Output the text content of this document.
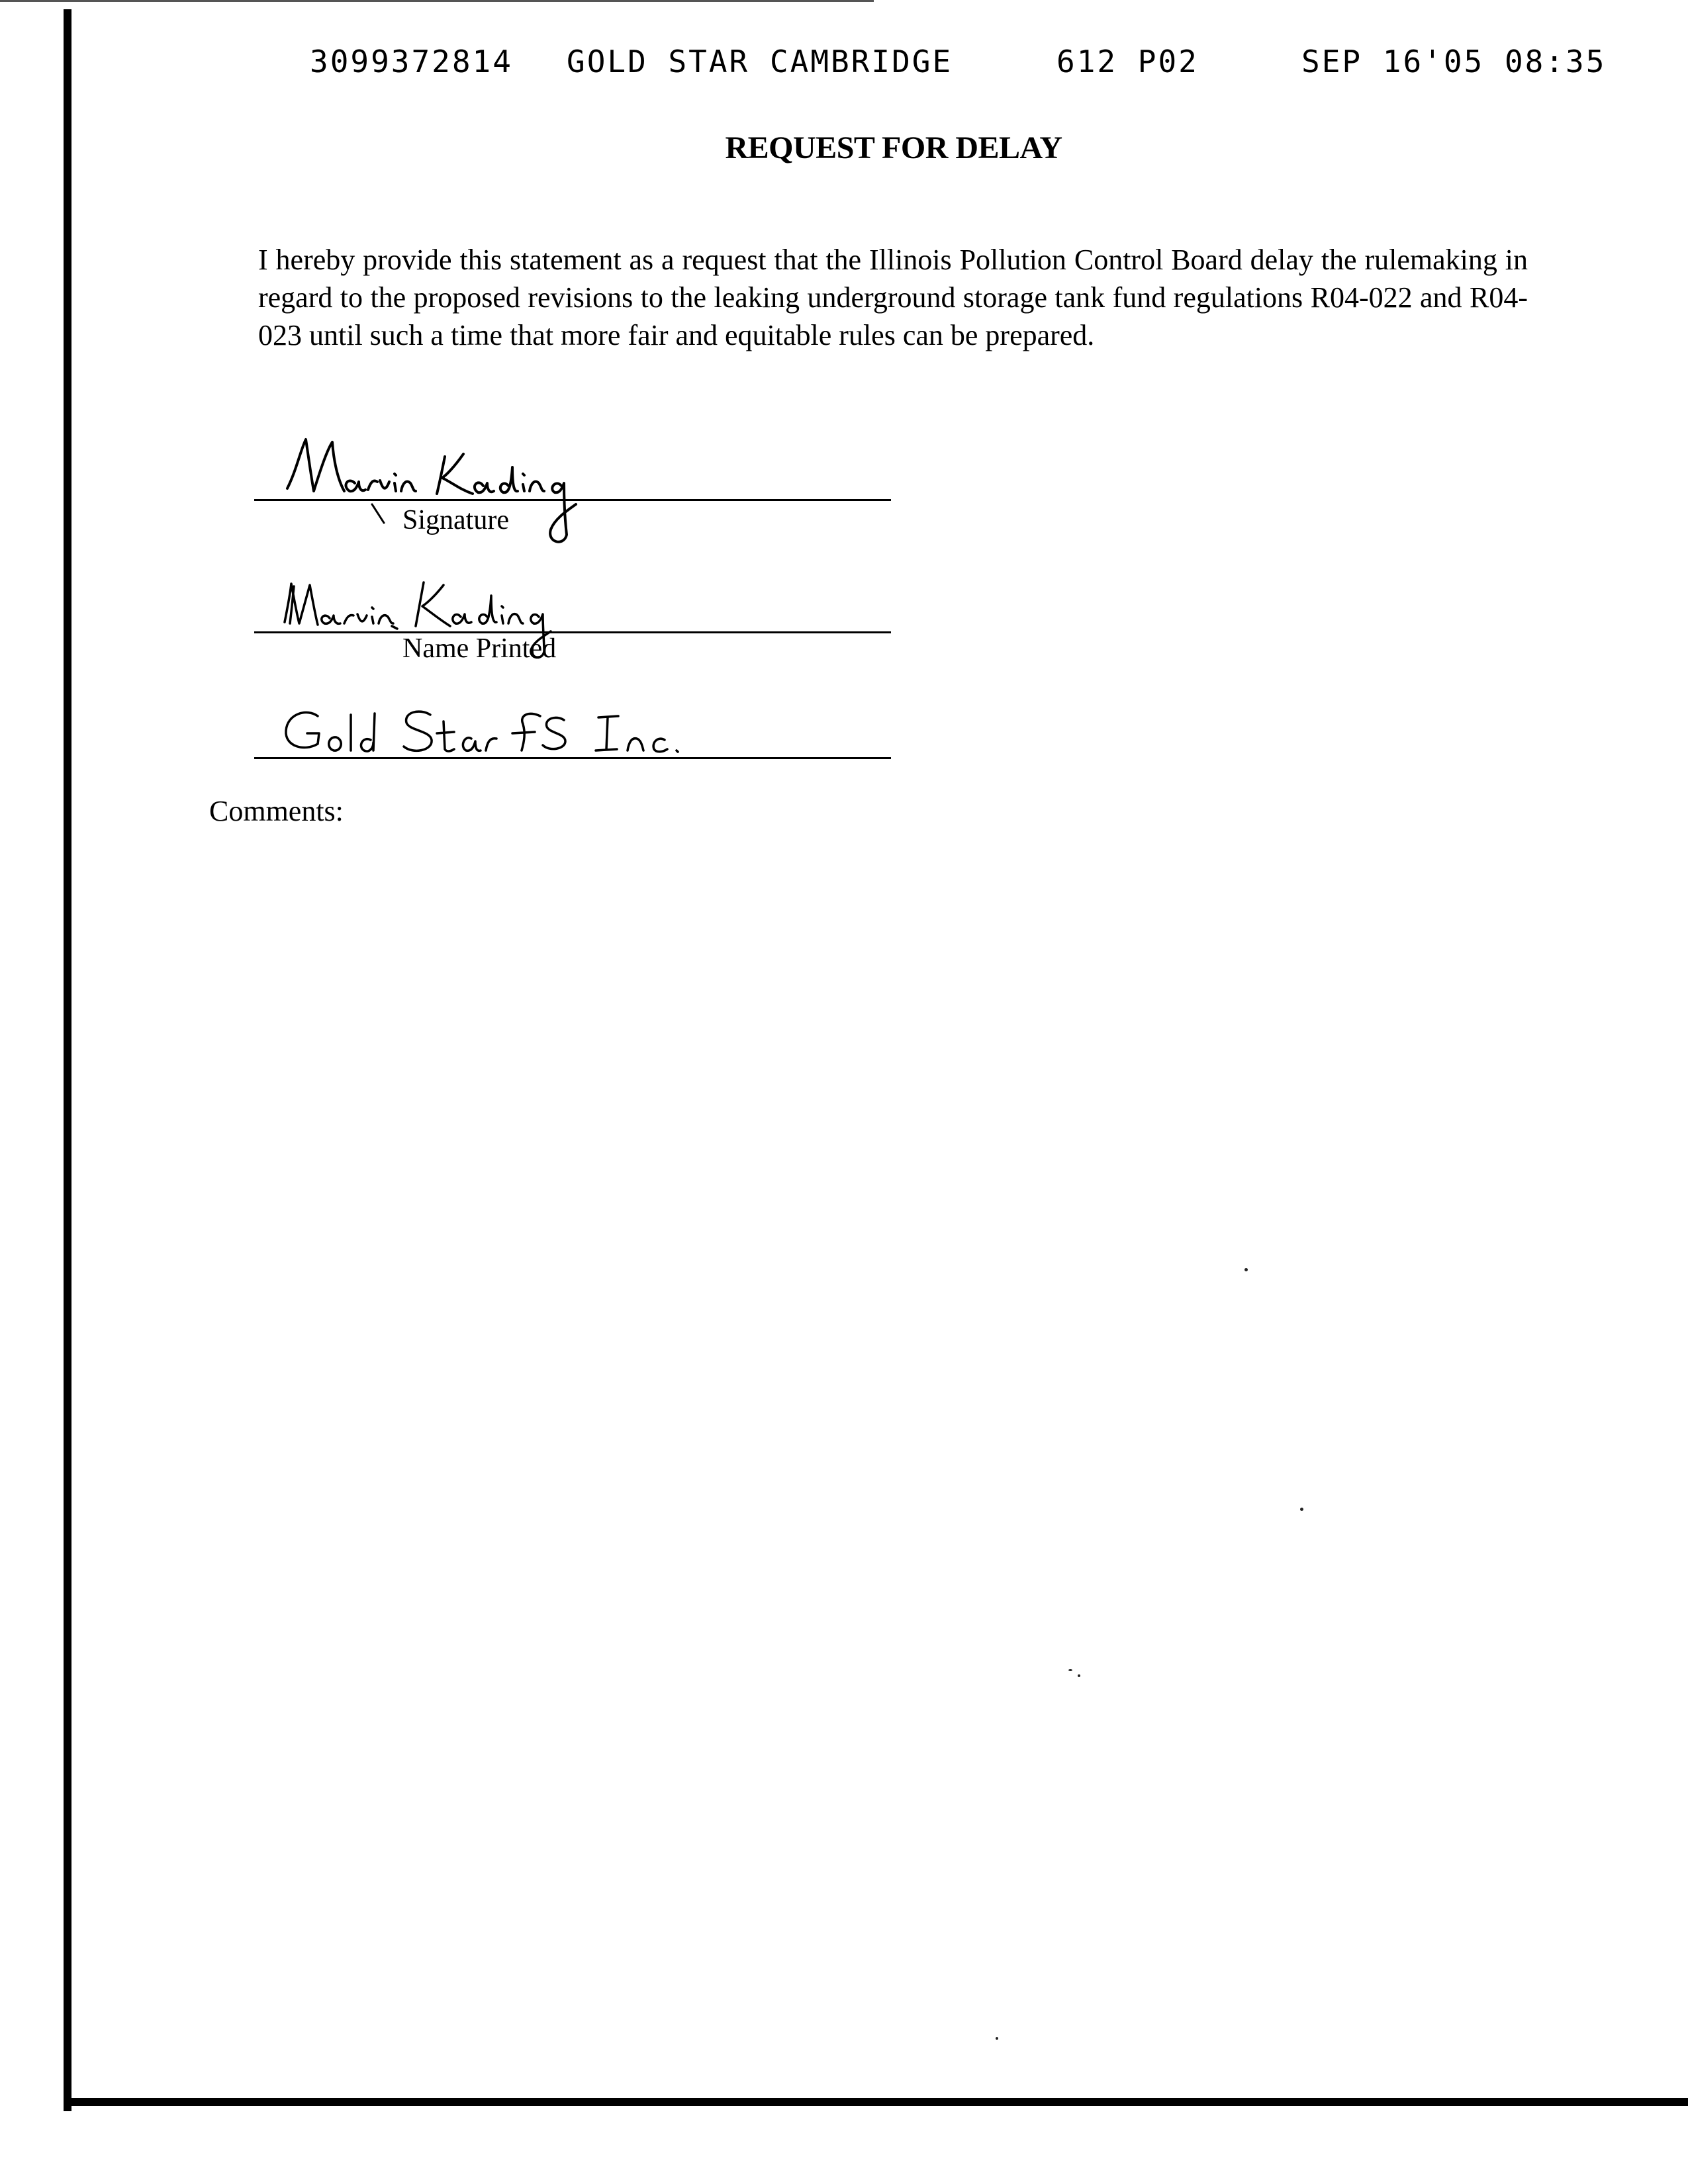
3099372814

GOLD STAR CAMBRIDGE

	612 P02

	SEP 16'05 08:35

REQUEST FOR DELAY

I hereby provide this statement as a request that the Illinois Pollution Control Board delay the rulemaking in regard to the proposed revisions to the leaking underground storage tank fund regulations R04-022 and R04-023 until such a time that more fair and equitable rules can be prepared.

Signature
Name Printed
Comments:
